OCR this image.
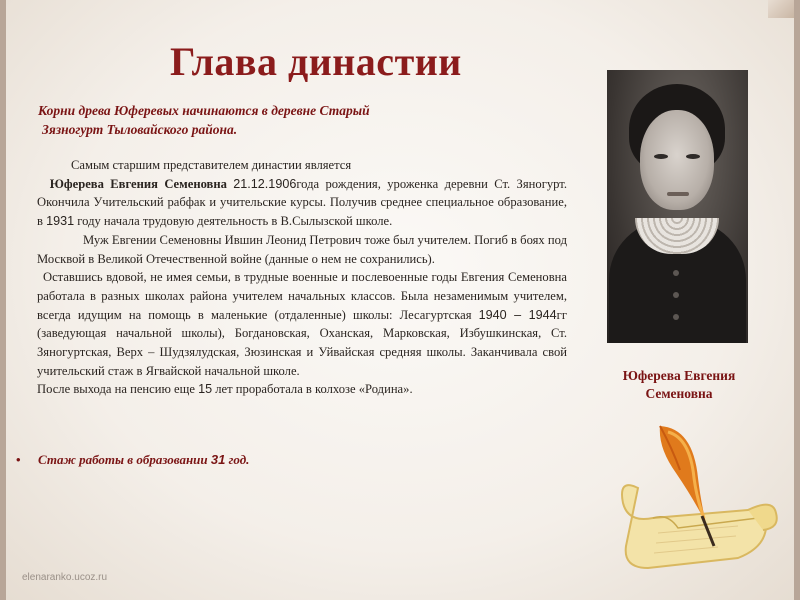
Глава династии
Корни древа Юферевых начинаются в деревне Старый
Зязногурт Тыловайского района.

Самым старшим представителем династии является
Юферева Евгения Семеновна 21.12.1906года рождения, уроженка деревни Ст. Зяногурт. Окончила Учительский рабфак и учительские курсы. Получив среднее специальное образование, в 1931 году начала трудовую деятельность в В.Сылызской школе.

Муж Евгении Семеновны Ившин Леонид Петрович тоже был учителем. Погиб в боях под Москвой в Великой Отечественной войне (данные о нем не сохранились).

Оставшись вдовой, не имея семьи, в трудные военные и послевоенные годы Евгения Семеновна работала в разных школах района учителем начальных классов. Была незаменимым учителем, всегда идущим на помощь в маленькие (отдаленные) школы: Лесагуртская 1940 – 1944гг (заведующая начальной школы), Богдановская, Оханская, Марковская, Избушкинская, Ст. Зяногуртская, Верх – Шудзялудская, Зюзинская и Уйвайская средняя школы. Заканчивала свой учительский стаж в Ягвайской начальной школе.

После выхода на пенсию еще 15 лет проработала в колхозе «Родина».

• Стаж работы в образовании 31 год.
Юферева Евгения
Семеновна
elenaranko.ucoz.ru
